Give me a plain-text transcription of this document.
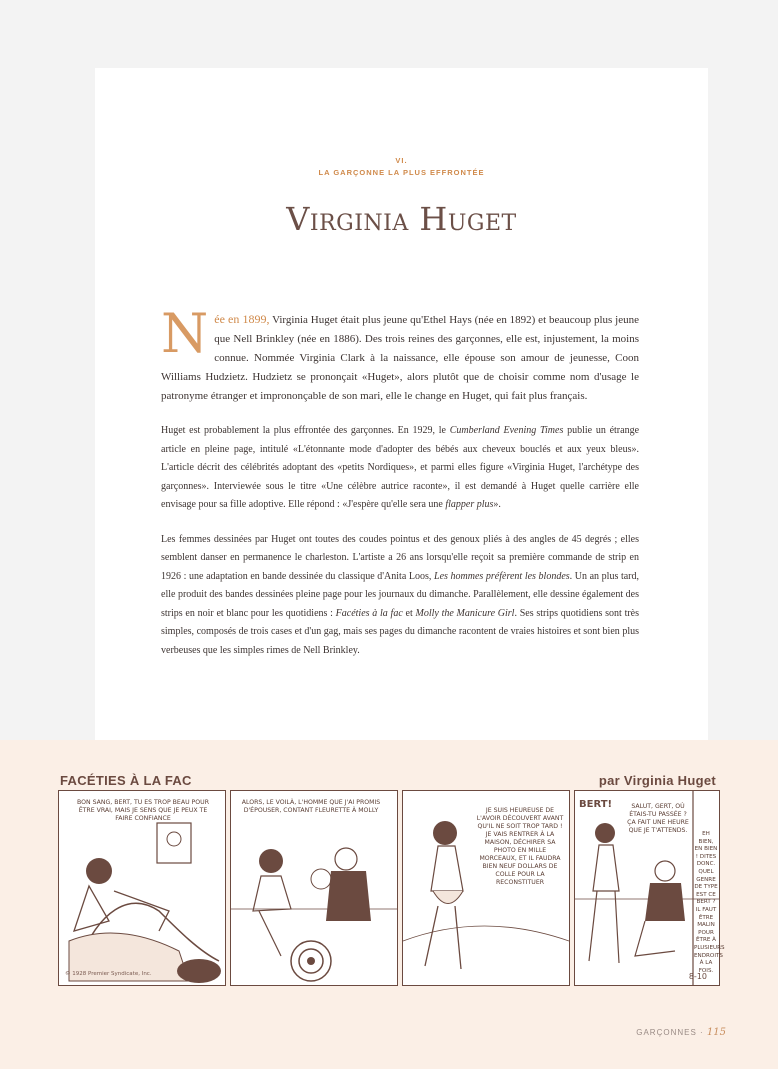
VI.
LA GARÇONNE LA PLUS EFFRONTÉE
Virginia Huget

Née en 1899, Virginia Huget était plus jeune qu'Ethel Hays (née en 1892) et beaucoup plus jeune que Nell Brinkley (née en 1886). Des trois reines des garçonnes, elle est, injustement, la moins connue. Nommée Virginia Clark à la naissance, elle épouse son amour de jeunesse, Coon Williams Hudzietz. Hudzietz se prononçait «Huget», alors plutôt que de choisir comme nom d'usage le patronyme étranger et imprononçable de son mari, elle le change en Huget, qui fait plus français.

Huget est probablement la plus effrontée des garçonnes. En 1929, le Cumberland Evening Times publie un étrange article en pleine page, intitulé «L'étonnante mode d'adopter des bébés aux cheveux bouclés et aux yeux bleus». L'article décrit des célébrités adoptant des «petits Nordiques», et parmi elles figure «Virginia Huget, l'archétype des garçonnes». Interviewée sous le titre «Une célèbre autrice raconte», il est demandé à Huget quelle carrière elle envisage pour sa fille adoptive. Elle répond : «J'espère qu'elle sera une flapper plus».

Les femmes dessinées par Huget ont toutes des coudes pointus et des genoux pliés à des angles de 45 degrés ; elles semblent danser en permanence le charleston. L'artiste a 26 ans lorsqu'elle reçoit sa première commande de strip en 1926 : une adaptation en bande dessinée du classique d'Anita Loos, Les hommes préfèrent les blondes. Un an plus tard, elle produit des bandes dessinées pleine page pour les journaux du dimanche. Parallèlement, elle dessine également des strips en noir et blanc pour les quotidiens : Facéties à la fac et Molly the Manicure Girl. Ses strips quotidiens sont très simples, composés de trois cases et d'un gag, mais ses pages du dimanche racontent de vraies histoires et sont bien plus verbeuses que les simples rimes de Nell Brinkley.

FACÉTIES À LA FAC	par Virginia Huget
BON SANG, BERT, TU ES TROP BEAU POUR ÊTRE VRAI, MAIS JE SENS QUE JE PEUX TE FAIRE CONFIANCE
© 1928 Premier Syndicate, Inc.
ALORS, LE VOILÀ, L'HOMME QUE J'AI PROMIS D'ÉPOUSER, CONTANT FLEURETTE À MOLLY	JE SUIS HEUREUSE DE L'AVOIR DÉCOUVERT AVANT QU'IL NE SOIT TROP TARD ! JE VAIS RENTRER À LA MAISON, DÉCHIRER SA PHOTO EN MILLE MORCEAUX, ET IL FAUDRA BIEN NEUF DOLLARS DE COLLE POUR LA RECONSTITUER
BERT!	SALUT, GERT, OÙ ÉTAIS-TU PASSÉE ? ÇA FAIT UNE HEURE QUE JE T'ATTENDS.	EH BIEN, EN BIEN ! DITES DONC. QUEL GENRE DE TYPE EST CE BERT ? IL FAUT ÊTRE MALIN POUR ÊTRE À PLUSIEURS ENDROITS À LA FOIS.
8-10
GARÇONNES · 115
